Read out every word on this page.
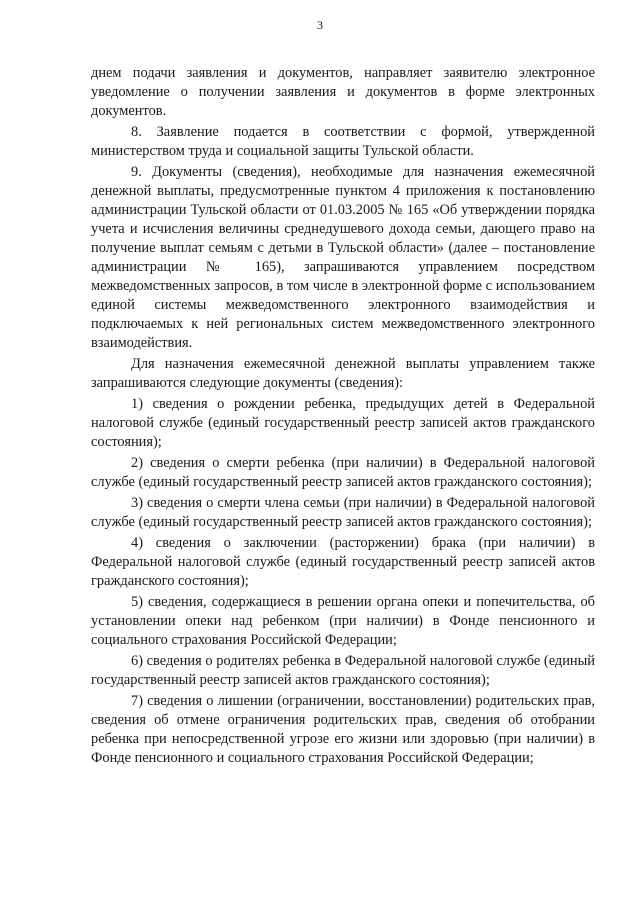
3

днем подачи заявления и документов, направляет заявителю электронное уведомление о получении заявления и документов в форме электронных документов.

8. Заявление подается в соответствии с формой, утвержденной министерством труда и социальной защиты Тульской области.

9. Документы (сведения), необходимые для назначения ежемесячной денежной выплаты, предусмотренные пунктом 4 приложения к постановлению администрации Тульской области от 01.03.2005 № 165 «Об утверждении порядка учета и исчисления величины среднедушевого дохода семьи, дающего право на получение выплат семьям с детьми в Тульской области» (далее – постановление администрации № 165), запрашиваются управлением посредством межведомственных запросов, в том числе в электронной форме с использованием единой системы межведомственного электронного взаимодействия и подключаемых к ней региональных систем межведомственного электронного взаимодействия.

Для назначения ежемесячной денежной выплаты управлением также запрашиваются следующие документы (сведения):

1) сведения о рождении ребенка, предыдущих детей в Федеральной налоговой службе (единый государственный реестр записей актов гражданского состояния);

2) сведения о смерти ребенка (при наличии) в Федеральной налоговой службе (единый государственный реестр записей актов гражданского состояния);

3) сведения о смерти члена семьи (при наличии) в Федеральной налоговой службе (единый государственный реестр записей актов гражданского состояния);

4) сведения о заключении (расторжении) брака (при наличии) в Федеральной налоговой службе (единый государственный реестр записей актов гражданского состояния);

5) сведения, содержащиеся в решении органа опеки и попечительства, об установлении опеки над ребенком (при наличии) в Фонде пенсионного и социального страхования Российской Федерации;

6) сведения о родителях ребенка в Федеральной налоговой службе (единый государственный реестр записей актов гражданского состояния);

7) сведения о лишении (ограничении, восстановлении) родительских прав, сведения об отмене ограничения родительских прав, сведения об отобрании ребенка при непосредственной угрозе его жизни или здоровью (при наличии) в Фонде пенсионного и социального страхования Российской Федерации;
